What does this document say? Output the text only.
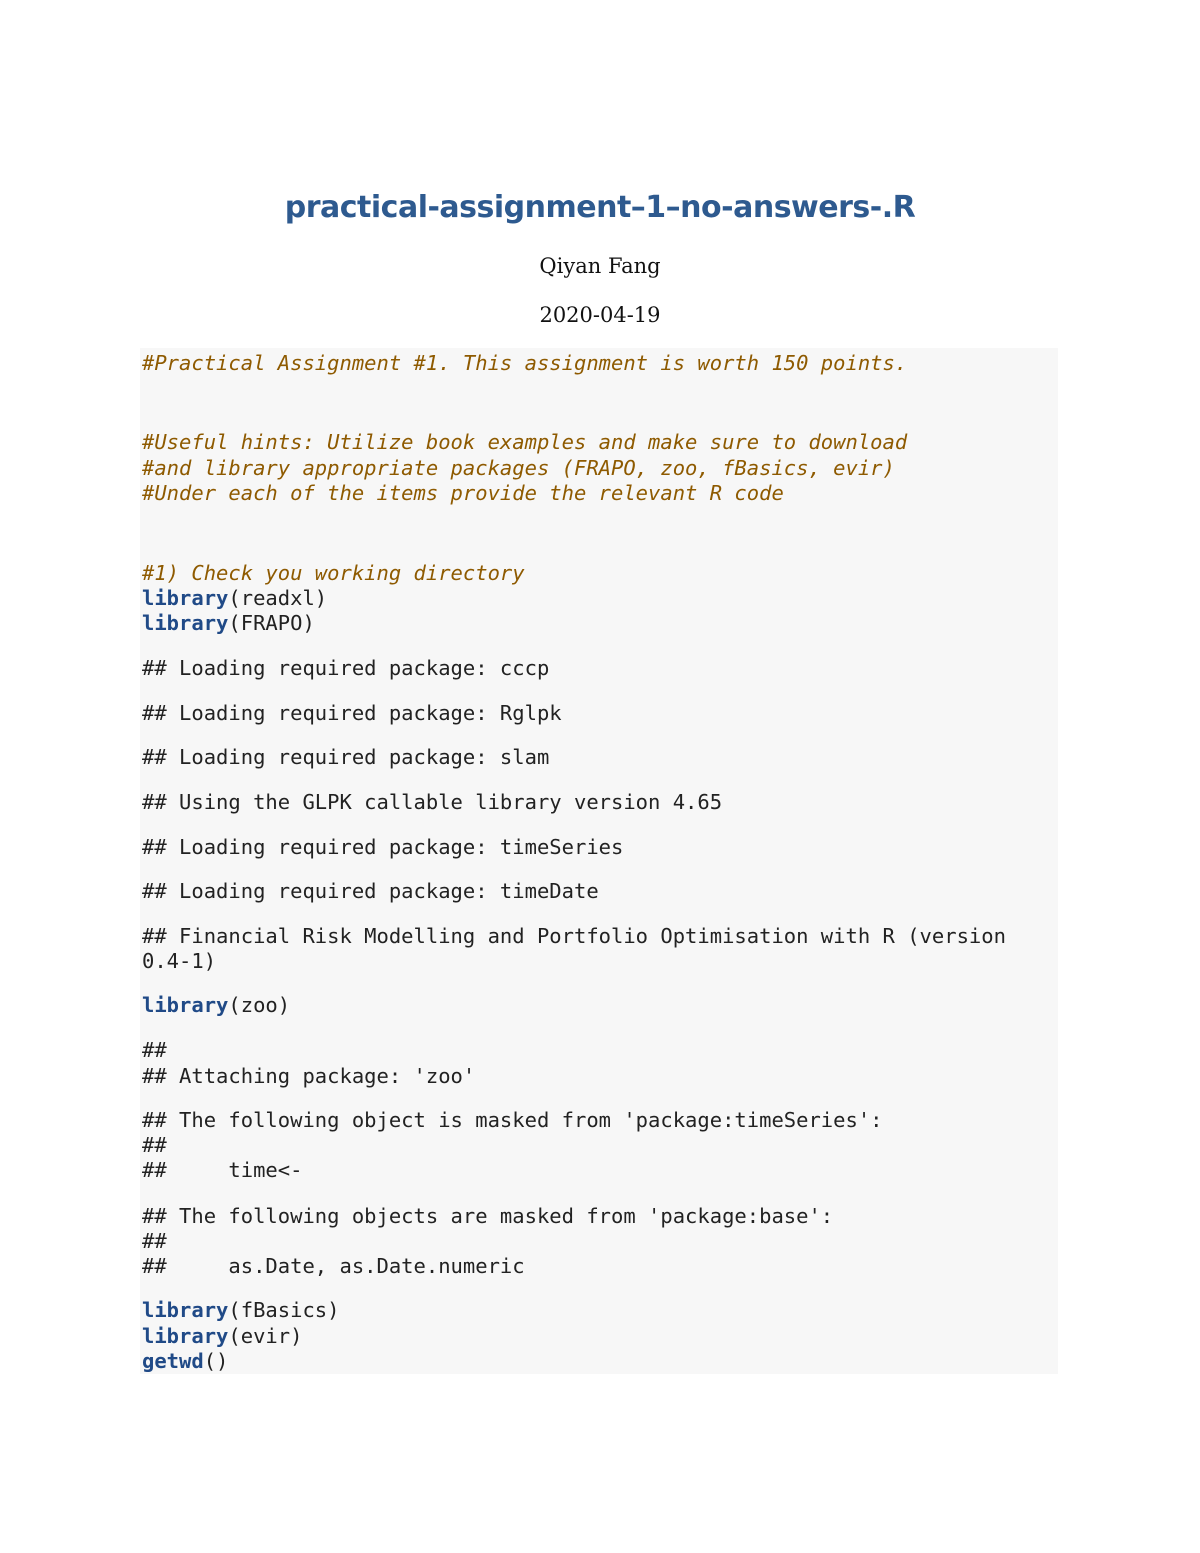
practical-assignment–1–no-answers-.R
Qiyan Fang
2020-04-19
#Practical Assignment #1. This assignment is worth 150 points.
#Useful hints: Utilize book examples and make sure to download
#and library appropriate packages (FRAPO, zoo, fBasics, evir)
#Under each of the items provide the relevant R code
#1) Check you working directory
library(readxl)
library(FRAPO)
## Loading required package: cccp
## Loading required package: Rglpk
## Loading required package: slam
## Using the GLPK callable library version 4.65
## Loading required package: timeSeries
## Loading required package: timeDate
## Financial Risk Modelling and Portfolio Optimisation with R (version
0.4-1)
library(zoo)
##
## Attaching package: 'zoo'
## The following object is masked from 'package:timeSeries':
##
##     time<-
## The following objects are masked from 'package:base':
##
##     as.Date, as.Date.numeric
library(fBasics)
library(evir)
getwd()
